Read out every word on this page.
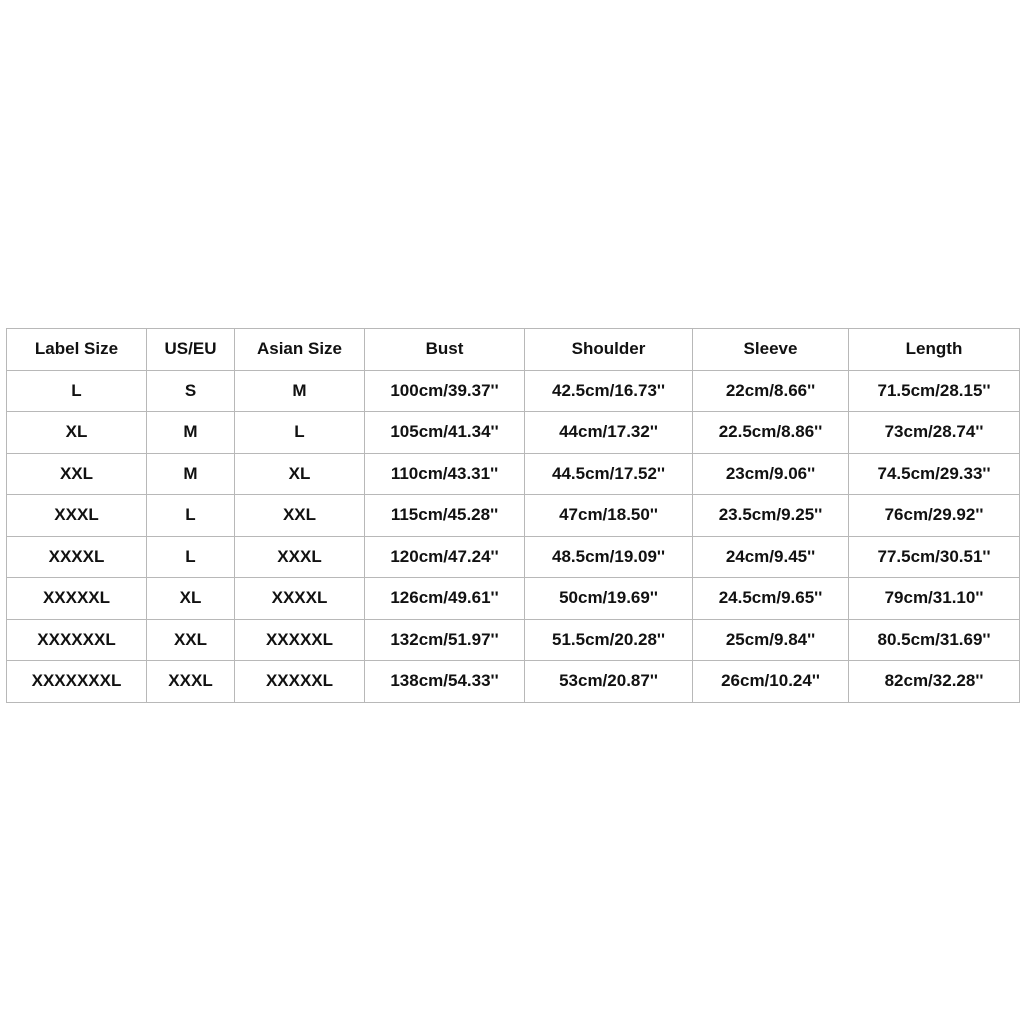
Label Size	US/EU	Asian Size	Bust	Shoulder	Sleeve	Length
L	S	M	100cm/39.37''	42.5cm/16.73''	22cm/8.66''	71.5cm/28.15''
XL	M	L	105cm/41.34''	44cm/17.32''	22.5cm/8.86''	73cm/28.74''
XXL	M	XL	110cm/43.31''	44.5cm/17.52''	23cm/9.06''	74.5cm/29.33''
XXXL	L	XXL	115cm/45.28''	47cm/18.50''	23.5cm/9.25''	76cm/29.92''
XXXXL	L	XXXL	120cm/47.24''	48.5cm/19.09''	24cm/9.45''	77.5cm/30.51''
XXXXXL	XL	XXXXL	126cm/49.61''	50cm/19.69''	24.5cm/9.65''	79cm/31.10''
XXXXXXL	XXL	XXXXXL	132cm/51.97''	51.5cm/20.28''	25cm/9.84''	80.5cm/31.69''
XXXXXXXL	XXXL	XXXXXL	138cm/54.33''	53cm/20.87''	26cm/10.24''	82cm/32.28''
